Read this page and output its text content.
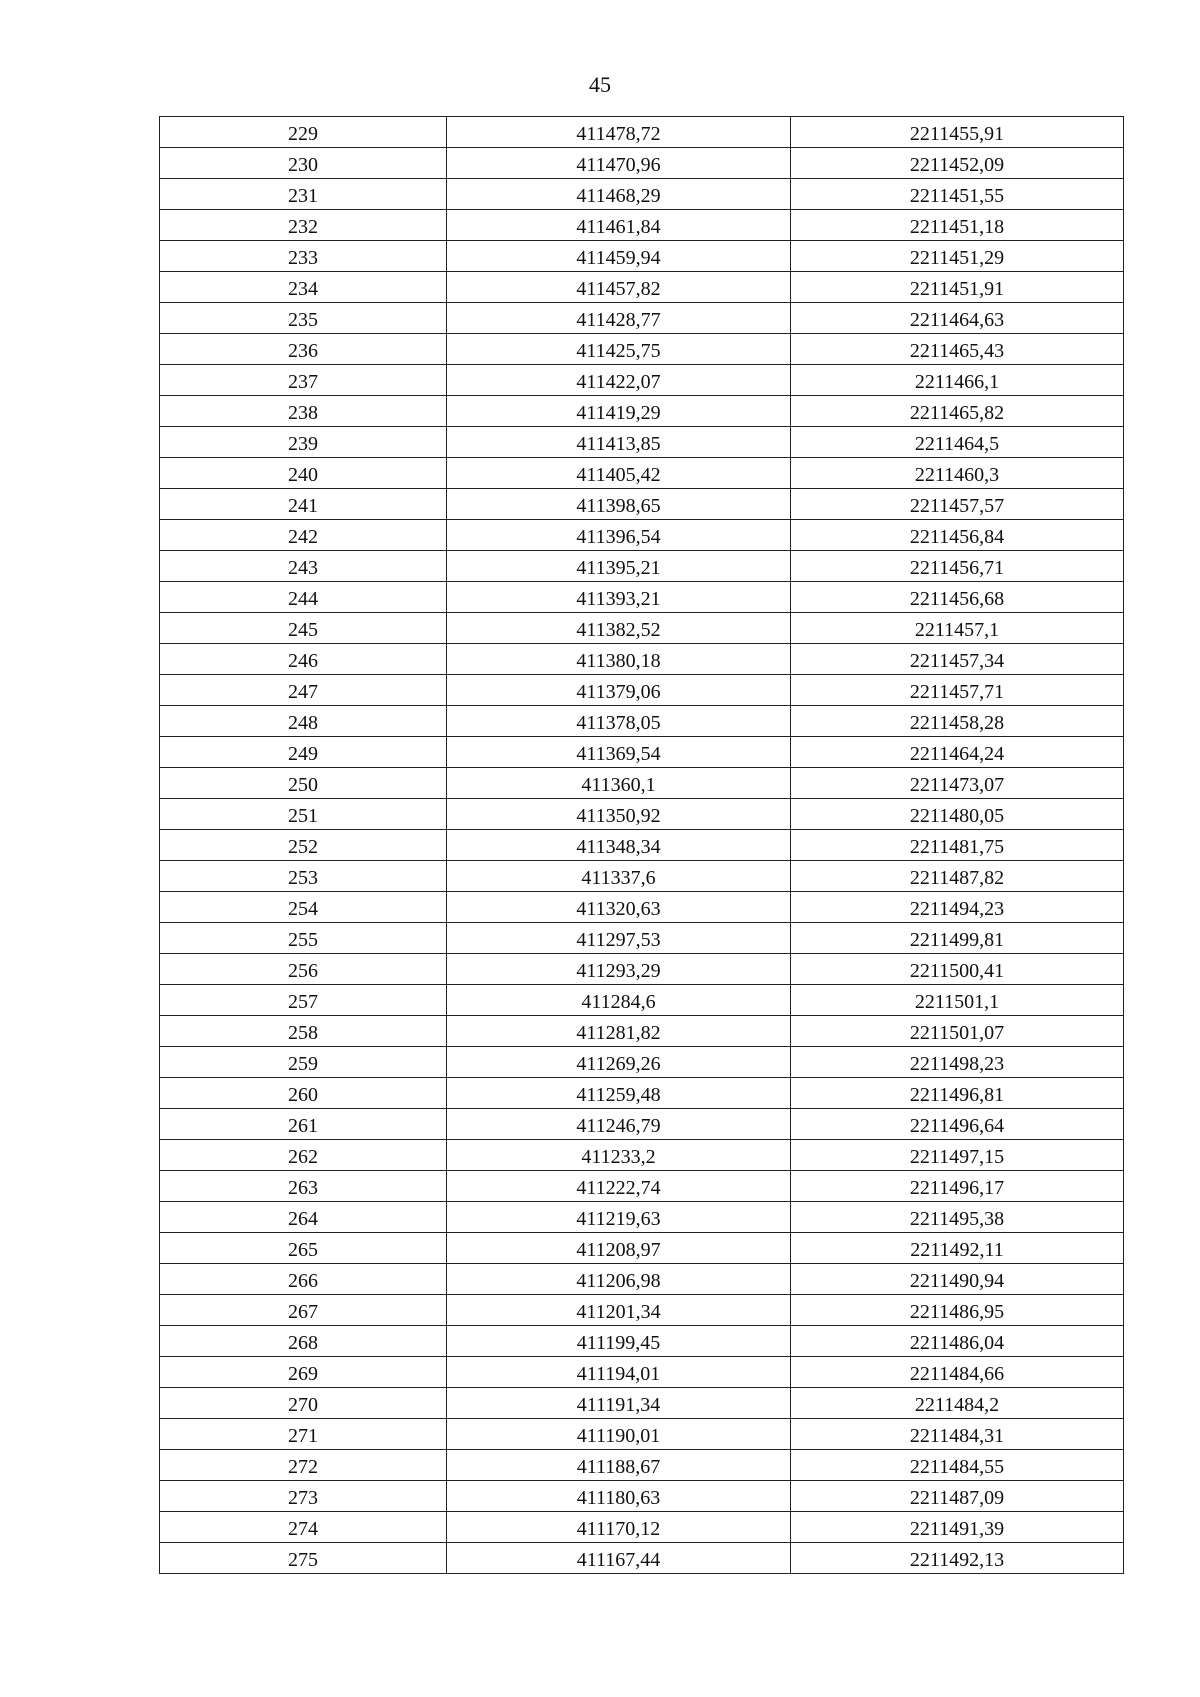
45
229	411478,72	2211455,91
230	411470,96	2211452,09
231	411468,29	2211451,55
232	411461,84	2211451,18
233	411459,94	2211451,29
234	411457,82	2211451,91
235	411428,77	2211464,63
236	411425,75	2211465,43
237	411422,07	2211466,1
238	411419,29	2211465,82
239	411413,85	2211464,5
240	411405,42	2211460,3
241	411398,65	2211457,57
242	411396,54	2211456,84
243	411395,21	2211456,71
244	411393,21	2211456,68
245	411382,52	2211457,1
246	411380,18	2211457,34
247	411379,06	2211457,71
248	411378,05	2211458,28
249	411369,54	2211464,24
250	411360,1	2211473,07
251	411350,92	2211480,05
252	411348,34	2211481,75
253	411337,6	2211487,82
254	411320,63	2211494,23
255	411297,53	2211499,81
256	411293,29	2211500,41
257	411284,6	2211501,1
258	411281,82	2211501,07
259	411269,26	2211498,23
260	411259,48	2211496,81
261	411246,79	2211496,64
262	411233,2	2211497,15
263	411222,74	2211496,17
264	411219,63	2211495,38
265	411208,97	2211492,11
266	411206,98	2211490,94
267	411201,34	2211486,95
268	411199,45	2211486,04
269	411194,01	2211484,66
270	411191,34	2211484,2
271	411190,01	2211484,31
272	411188,67	2211484,55
273	411180,63	2211487,09
274	411170,12	2211491,39
275	411167,44	2211492,13
